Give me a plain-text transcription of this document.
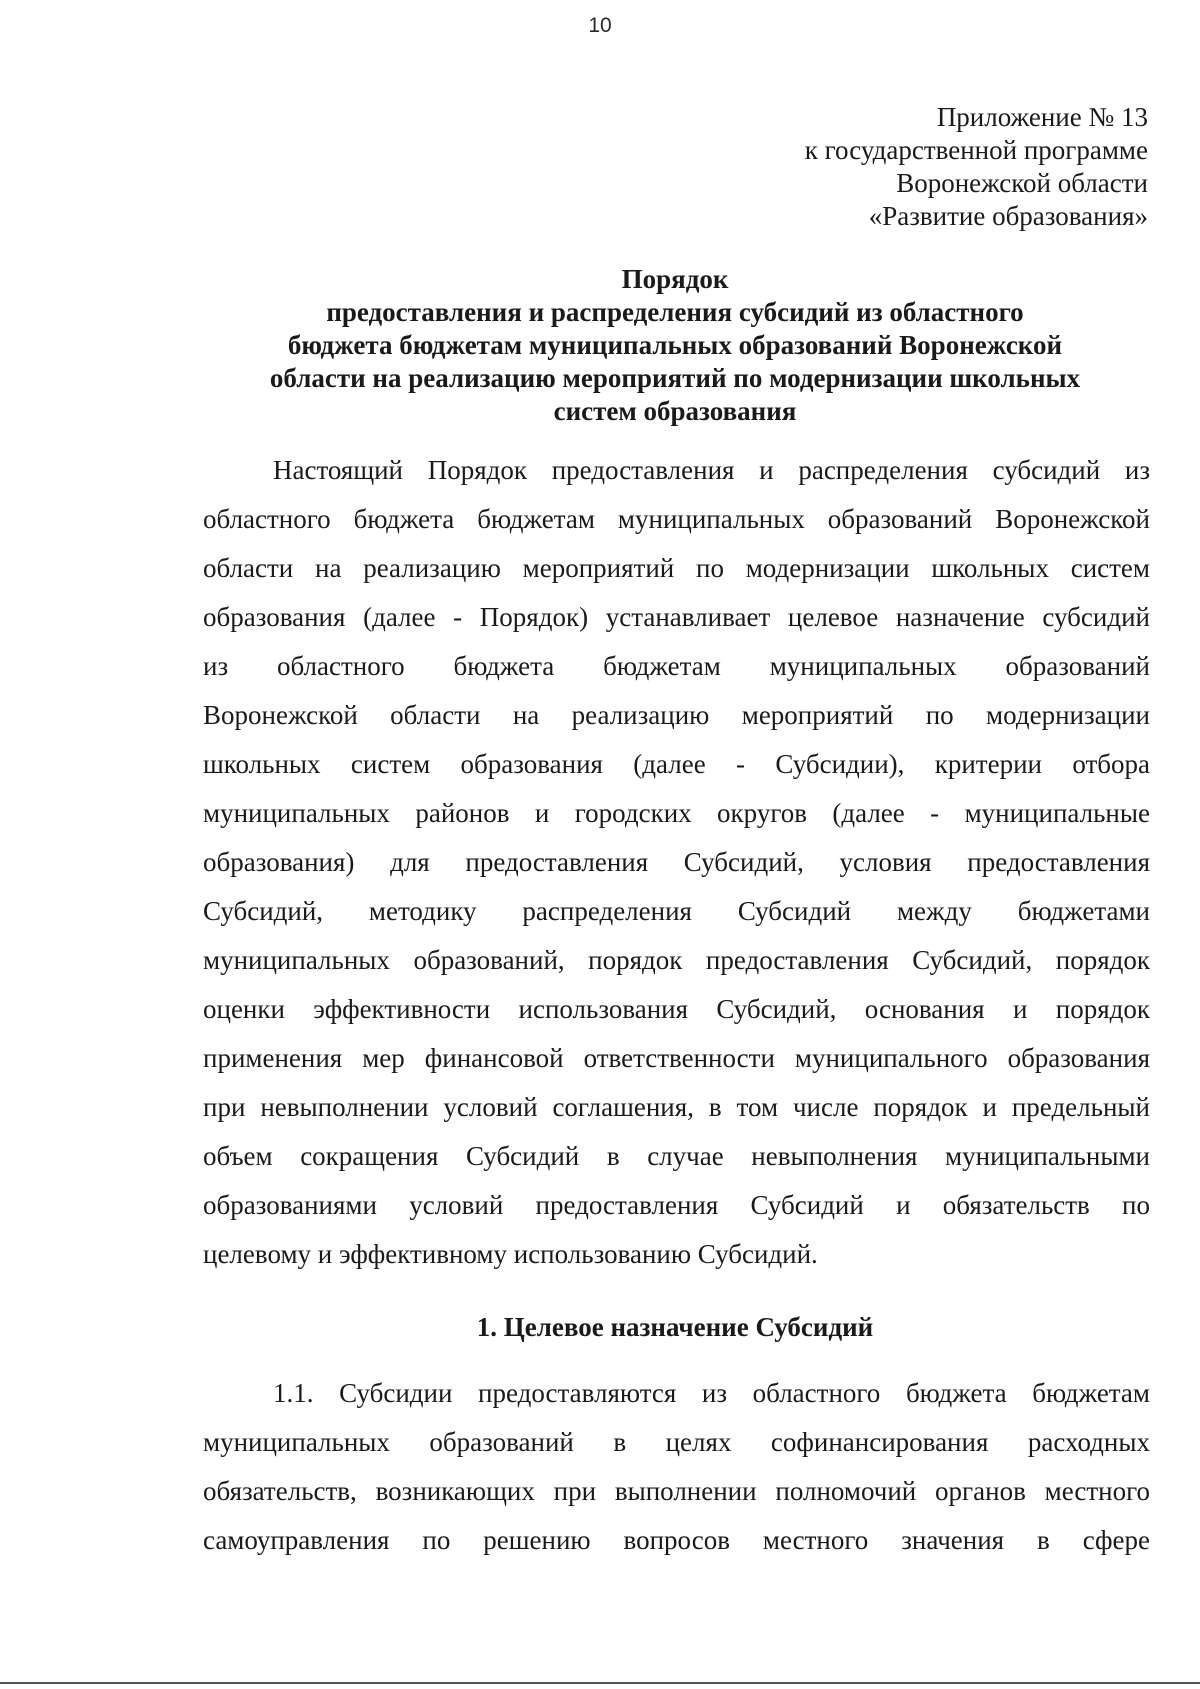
10
Приложение № 13
к государственной программе
Воронежской области
«Развитие образования»
Порядок
предоставления и распределения субсидий из областного
бюджета бюджетам муниципальных образований Воронежской
области на реализацию мероприятий по модернизации школьных
систем образования
Настоящий Порядок предоставления и распределения субсидий из
областного бюджета бюджетам муниципальных образований Воронежской
области на реализацию мероприятий по модернизации школьных систем
образования (далее - Порядок) устанавливает целевое назначение субсидий
из областного бюджета бюджетам муниципальных образований
Воронежской области на реализацию мероприятий по модернизации
школьных систем образования (далее - Субсидии), критерии отбора
муниципальных районов и городских округов (далее - муниципальные
образования) для предоставления Субсидий, условия предоставления
Субсидий, методику распределения Субсидий между бюджетами
муниципальных образований, порядок предоставления Субсидий, порядок
оценки эффективности использования Субсидий, основания и порядок
применения мер финансовой ответственности муниципального образования
при невыполнении условий соглашения, в том числе порядок и предельный
объем сокращения Субсидий в случае невыполнения муниципальными
образованиями условий предоставления Субсидий и обязательств по
целевому и эффективному использованию Субсидий.
1. Целевое назначение Субсидий
1.1. Субсидии предоставляются из областного бюджета бюджетам
муниципальных образований в целях софинансирования расходных
обязательств, возникающих при выполнении полномочий органов местного
самоуправления по решению вопросов местного значения в сфере
